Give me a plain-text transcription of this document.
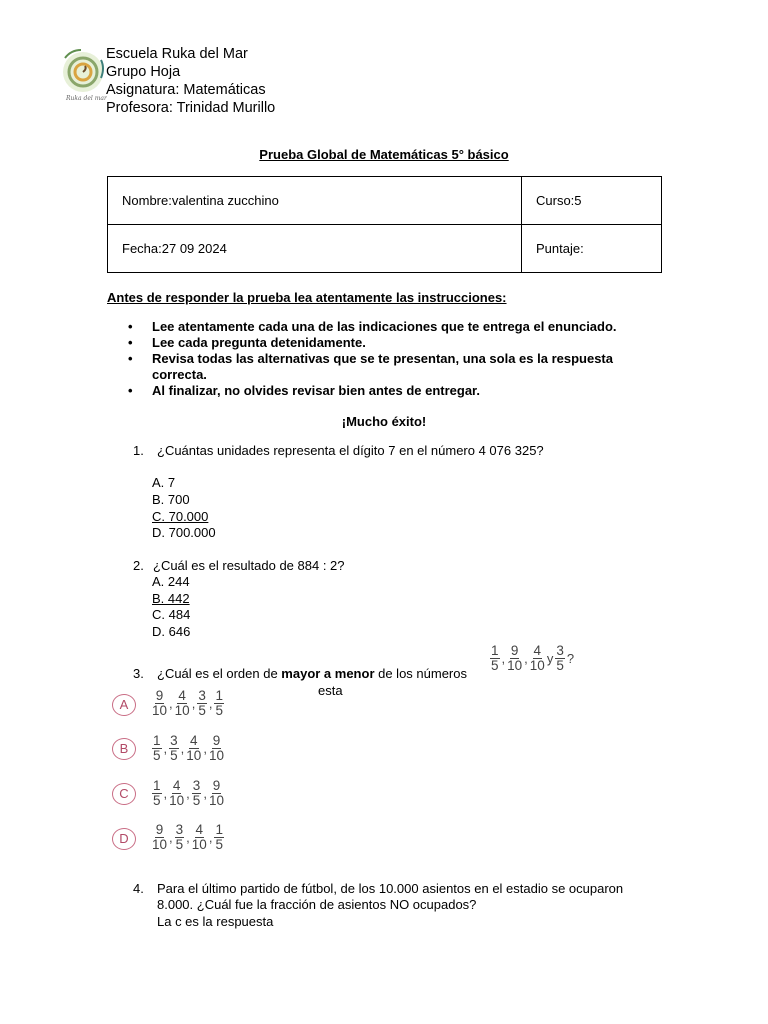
Ruka del mar
Escuela Ruka del Mar
Grupo Hoja
Asignatura: Matemáticas
Profesora: Trinidad Murillo
Prueba Global de Matemáticas 5° básico
Nombre:valentina zucchino	Curso:5
Fecha:27 09 2024	Puntaje:
Antes de responder la prueba lea atentamente las instrucciones:
• Lee atentamente cada una de las indicaciones que te entrega el enunciado.
• Lee cada pregunta detenidamente.
• Revisa todas las alternativas que se te presentan, una sola es la respuesta correcta.
• Al finalizar, no olvides revisar bien antes de entregar.
¡Mucho éxito!
1. ¿Cuántas unidades representa el dígito 7 en el número 4 076 325?
A. 7
B. 700
C. 70.000
D. 700.000
2. ¿Cuál es el resultado de 884 : 2?
A. 244
B. 442
C. 484
D. 646
3. ¿Cuál es el orden de mayor a menor de los números
$\frac{1}{5}$ , $\frac{9}{10}$ , $\frac{4}{10}$ y $\frac{3}{5}$ ?
esta
A	$\frac{9}{10}$ , $\frac{4}{10}$ , $\frac{3}{5}$ , $\frac{1}{5}$
B	$\frac{1}{5}$ , $\frac{3}{5}$ , $\frac{4}{10}$ , $\frac{9}{10}$
C	$\frac{1}{5}$ , $\frac{4}{10}$ , $\frac{3}{5}$ , $\frac{9}{10}$
D	$\frac{9}{10}$ , $\frac{3}{5}$ , $\frac{4}{10}$ , $\frac{1}{5}$
4. Para el último partido de fútbol, de los 10.000 asientos en el estadio se ocuparon
8.000. ¿Cuál fue la fracción de asientos NO ocupados?
La c es la respuesta
